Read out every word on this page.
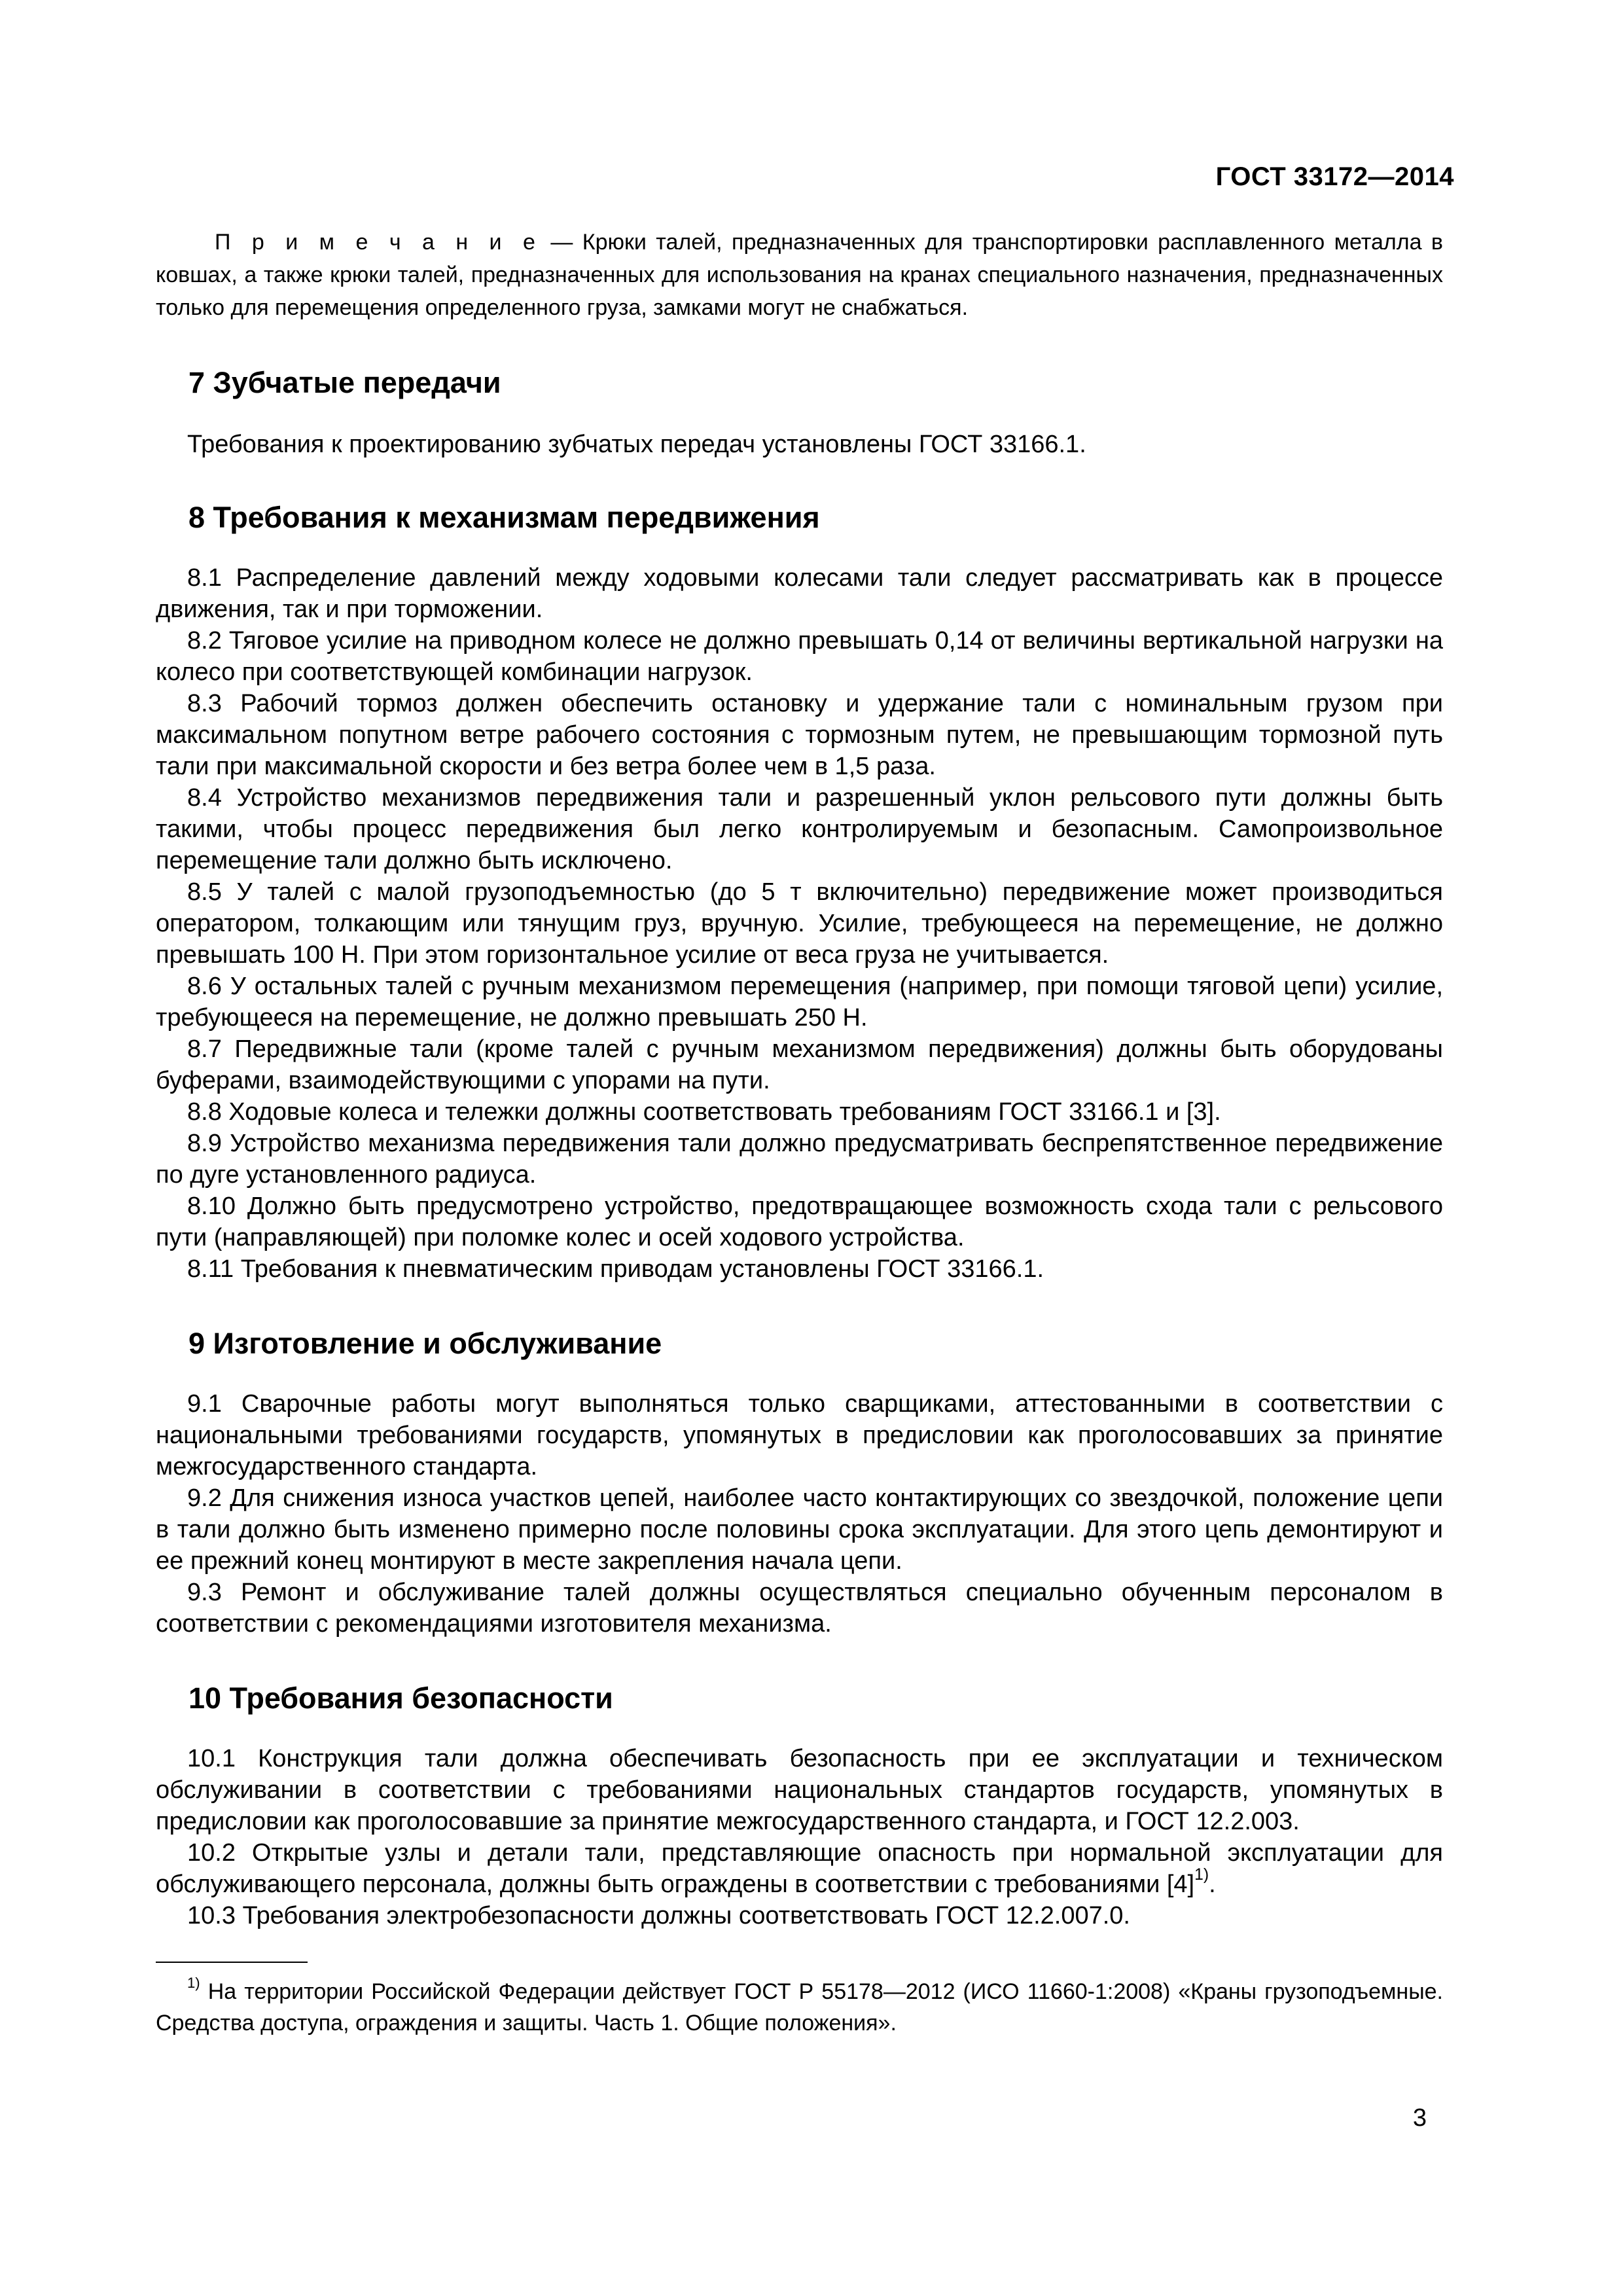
ГОСТ 33172—2014

П р и м е ч а н и е — Крюки талей, предназначенных для транспортировки расплавленного металла в ковшах, а также крюки талей, предназначенных для использования на кранах специального назначения, предназначенных только для перемещения определенного груза, замками могут не снабжаться.

7 Зубчатые передачи

Требования к проектированию зубчатых передач установлены ГОСТ 33166.1.

8 Требования к механизмам передвижения

8.1 Распределение давлений между ходовыми колесами тали следует рассматривать как в процессе движения, так и при торможении.

8.2 Тяговое усилие на приводном колесе не должно превышать 0,14 от величины вертикальной нагрузки на колесо при соответствующей комбинации нагрузок.

8.3 Рабочий тормоз должен обеспечить остановку и удержание тали с номинальным грузом при максимальном попутном ветре рабочего состояния с тормозным путем, не превышающим тормозной путь тали при максимальной скорости и без ветра более чем в 1,5 раза.

8.4 Устройство механизмов передвижения тали и разрешенный уклон рельсового пути должны быть такими, чтобы процесс передвижения был легко контролируемым и безопасным. Самопроизвольное перемещение тали должно быть исключено.

8.5 У талей с малой грузоподъемностью (до 5 т включительно) передвижение может производиться оператором, толкающим или тянущим груз, вручную. Усилие, требующееся на перемещение, не должно превышать 100 Н. При этом горизонтальное усилие от веса груза не учитывается.

8.6 У остальных талей с ручным механизмом перемещения (например, при помощи тяговой цепи) усилие, требующееся на перемещение, не должно превышать 250 Н.

8.7 Передвижные тали (кроме талей с ручным механизмом передвижения) должны быть оборудованы буферами, взаимодействующими с упорами на пути.

8.8 Ходовые колеса и тележки должны соответствовать требованиям ГОСТ 33166.1 и [3].

8.9 Устройство механизма передвижения тали должно предусматривать беспрепятственное передвижение по дуге установленного радиуса.

8.10 Должно быть предусмотрено устройство, предотвращающее возможность схода тали с рельсового пути (направляющей) при поломке колес и осей ходового устройства.

8.11 Требования к пневматическим приводам установлены ГОСТ 33166.1.

9 Изготовление и обслуживание

9.1 Сварочные работы могут выполняться только сварщиками, аттестованными в соответствии с национальными требованиями государств, упомянутых в предисловии как проголосовавших за принятие межгосударственного стандарта.

9.2 Для снижения износа участков цепей, наиболее часто контактирующих со звездочкой, положение цепи в тали должно быть изменено примерно после половины срока эксплуатации. Для этого цепь демонтируют и ее прежний конец монтируют в месте закрепления начала цепи.

9.3 Ремонт и обслуживание талей должны осуществляться специально обученным персоналом в соответствии с рекомендациями изготовителя механизма.

10 Требования безопасности

10.1 Конструкция тали должна обеспечивать безопасность при ее эксплуатации и техническом обслуживании в соответствии с требованиями национальных стандартов государств, упомянутых в предисловии как проголосовавшие за принятие межгосударственного стандарта, и ГОСТ 12.2.003.

10.2 Открытые узлы и детали тали, представляющие опасность при нормальной эксплуатации для обслуживающего персонала, должны быть ограждены в соответствии с требованиями $[4]^{1)}$.

10.3 Требования электробезопасности должны соответствовать ГОСТ 12.2.007.0.

$^{1)}$ На территории Российской Федерации действует ГОСТ Р 55178—2012 (ИСО 11660-1:2008) «Краны грузоподъемные. Средства доступа, ограждения и защиты. Часть 1. Общие положения».

3
